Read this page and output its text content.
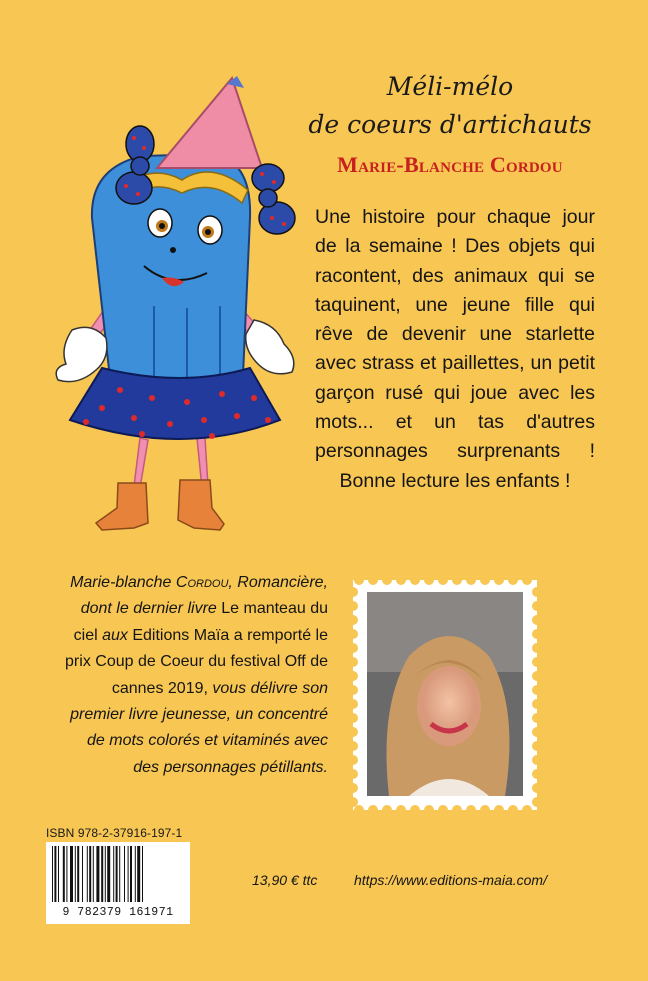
Méli-mélo
de coeurs d'artichauts
Marie-Blanche Cordou
Une histoire pour chaque jour de la semaine ! Des objets qui racontent, des animaux qui se taquinent, une jeune fille qui rêve de devenir une starlette avec strass et paillettes, un petit garçon rusé qui joue avec les mots... et un tas d'autres personnages surprenants ! Bonne lecture les enfants !
Marie-blanche Cordou, Romancière, dont le dernier livre Le manteau du ciel aux Editions Maïa a remporté le prix Coup de Coeur du festival Off de cannes 2019, vous délivre son premier livre jeunesse, un concentré de mots colorés et vitaminés avec des personnages pétillants.
ISBN 978-2-37916-197-1
9 782379 161971
13,90 € ttc	https://www.editions-maia.com/
